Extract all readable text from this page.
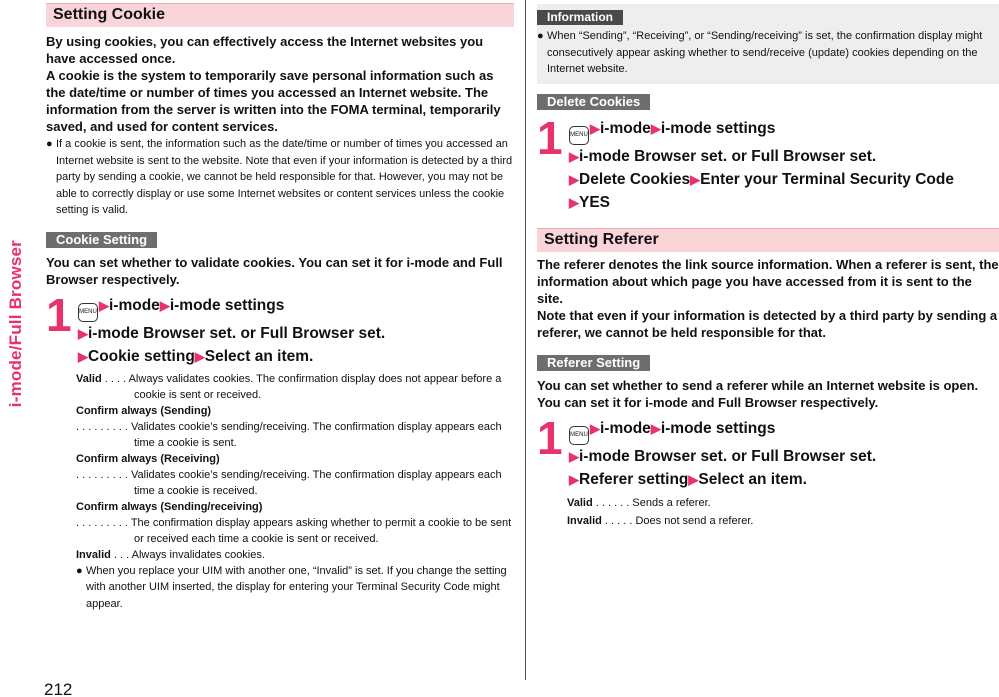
i-mode/Full Browser
212
Setting Cookie

By using cookies, you can effectively access the Internet websites you have accessed once.

A cookie is the system to temporarily save personal information such as the date/time or number of times you accessed an Internet website. The information from the server is written into the FOMA terminal, temporarily saved, and used for content services.

● If a cookie is sent, the information such as the date/time or number of times you accessed an Internet website is sent to the website. Note that even if your information is detected by a third party by sending a cookie, we cannot be held responsible for that. However, you may not be able to correctly display or use some Internet websites or content services unless the cookie setting is valid.

Cookie Setting

You can set whether to validate cookies. You can set it for i-mode and Full Browser respectively.

1 MENU ▶i-mode▶i-mode settings
▶i-mode Browser set. or Full Browser set.
▶Cookie setting▶Select an item.

Valid . . . . Always validates cookies. The confirmation display does not appear before a cookie is sent or received.

Confirm always (Sending)

. . . . . . . . . Validates cookie’s sending/receiving. The confirmation display appears each time a cookie is sent.

Confirm always (Receiving)

. . . . . . . . . Validates cookie’s sending/receiving. The confirmation display appears each time a cookie is received.

Confirm always (Sending/receiving)

. . . . . . . . . The confirmation display appears asking whether to permit a cookie to be sent or received each time a cookie is sent or received.

Invalid . . . Always invalidates cookies.

● When you replace your UIM with another one, “Invalid” is set. If you change the setting with another UIM inserted, the display for entering your Terminal Security Code might appear.

Information

● When “Sending”, “Receiving”, or “Sending/receiving” is set, the confirmation display might consecutively appear asking whether to send/receive (update) cookies depending on the Internet website.

Delete Cookies
1 MENU ▶i-mode▶i-mode settings
▶i-mode Browser set. or Full Browser set.
▶Delete Cookies▶Enter your Terminal Security Code
▶YES
Setting Referer

The referer denotes the link source information. When a referer is sent, the information about which page you have accessed from it is sent to the site.

Note that even if your information is detected by a third party by sending a referer, we cannot be held responsible for that.

Referer Setting

You can set whether to send a referer while an Internet website is open. You can set it for i-mode and Full Browser respectively.

1 MENU ▶i-mode▶i-mode settings
▶i-mode Browser set. or Full Browser set.
▶Referer setting▶Select an item.

Valid . . . . . . Sends a referer.

Invalid . . . . . Does not send a referer.
